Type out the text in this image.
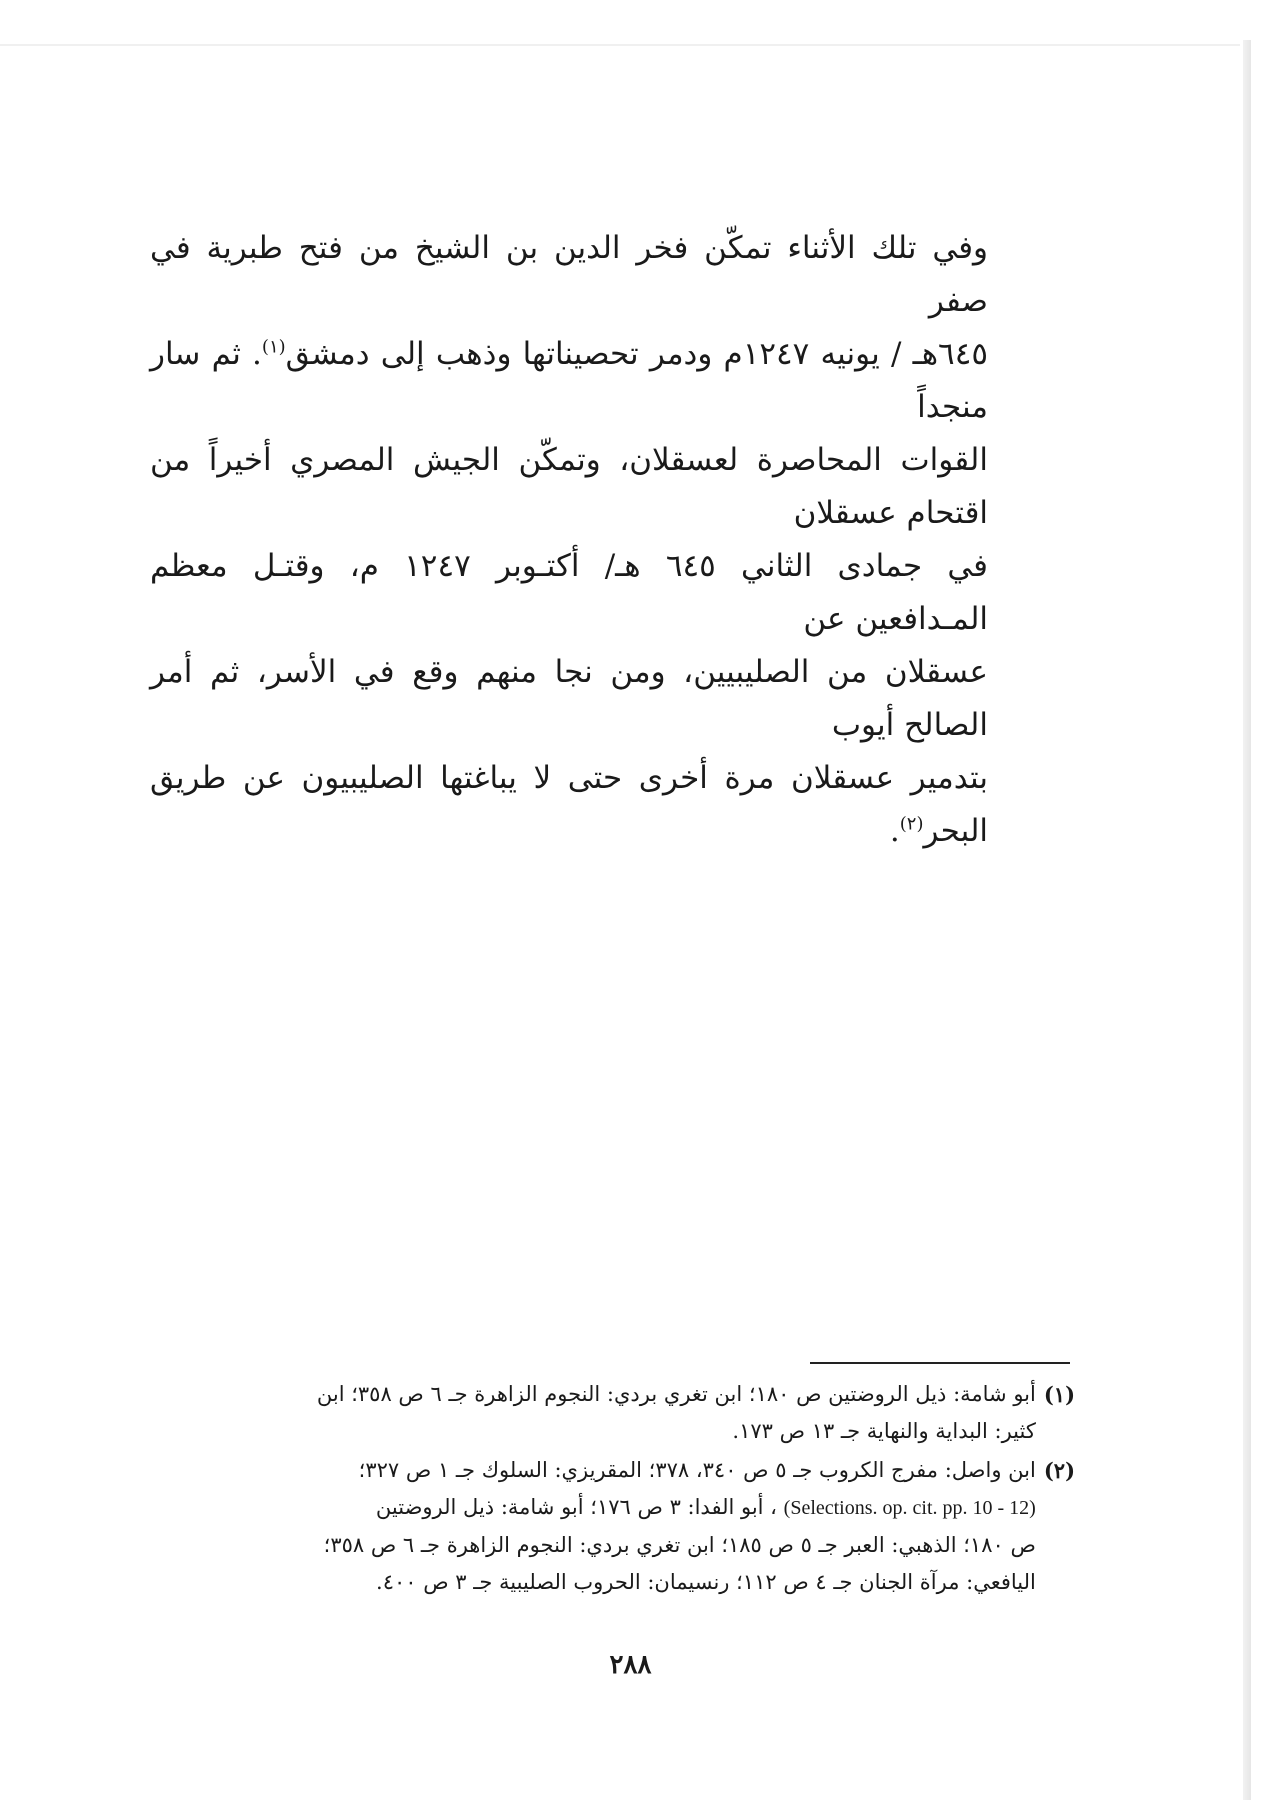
وفي تلك الأثناء تمكّن فخر الدين بن الشيخ من فتح طبرية في صفر

٦٤٥هـ / يونيه ١٢٤٧م ودمر تحصيناتها وذهب إلى دمشق$^{(١)}$. ثم سار منجداً

القوات المحاصرة لعسقلان، وتمكّن الجيش المصري أخيراً من اقتحام عسقلان

في جمادى الثاني ٦٤٥ هـ/ أكتـوبر ١٢٤٧ م، وقتـل معظم المـدافعين عن

عسقلان من الصليبيين، ومن نجا منهم وقع في الأسر، ثم أمر الصالح أيوب

بتدمير عسقلان مرة أخرى حتى لا يباغتها الصليبيون عن طريق البحر$^{(٢)}$.

(١)

أبو شامة: ذيل الروضتين ص ١٨٠؛ ابن تغري بردي: النجوم الزاهرة جـ ٦ ص ٣٥٨؛ ابن

كثير: البداية والنهاية جـ ١٣ ص ١٧٣.

(٢)

ابن واصل: مفرج الكروب جـ ٥ ص ٣٤٠، ٣٧٨؛ المقريزي: السلوك جـ ١ ص ٣٢٧؛

(Selections. op. cit. pp. 10 - 12) ، أبو الفدا: ٣ ص ١٧٦؛ أبو شامة: ذيل الروضتين

ص ١٨٠؛ الذهبي: العبر جـ ٥ ص ١٨٥؛ ابن تغري بردي: النجوم الزاهرة جـ ٦ ص ٣٥٨؛

اليافعي: مرآة الجنان جـ ٤ ص ١١٢؛ رنسيمان: الحروب الصليبية جـ ٣ ص ٤٠٠.

٢٨٨
